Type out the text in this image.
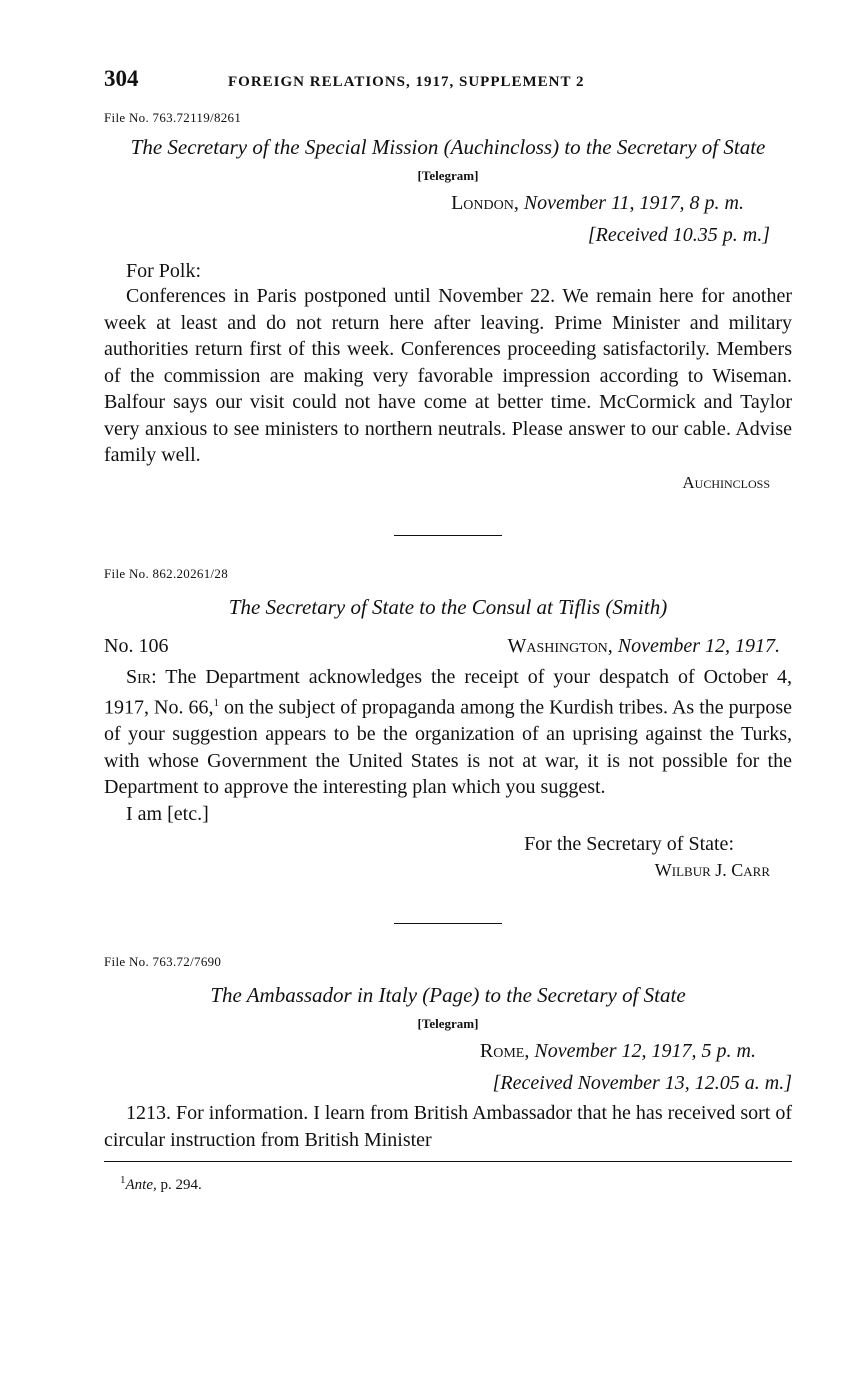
304	FOREIGN RELATIONS, 1917, SUPPLEMENT 2
File No. 763.72119/8261
The Secretary of the Special Mission (Auchincloss) to the Secretary of State
[Telegram]
London, November 11, 1917, 8 p. m.
[Received 10.35 p. m.]
For Polk:

Conferences in Paris postponed until November 22. We remain here for another week at least and do not return here after leaving. Prime Minister and military authorities return first of this week. Conferences proceeding satisfactorily. Members of the commission are making very favorable impression according to Wiseman. Balfour says our visit could not have come at better time. McCormick and Taylor very anxious to see ministers to northern neutrals. Please answer to our cable. Advise family well.

Auchincloss
File No. 862.20261/28
The Secretary of State to the Consul at Tiflis (Smith)
No. 106	Washington, November 12, 1917.

Sir: The Department acknowledges the receipt of your despatch of October 4, 1917, No. 66,$^1$ on the subject of propaganda among the Kurdish tribes. As the purpose of your suggestion appears to be the organization of an uprising against the Turks, with whose Government the United States is not at war, it is not possible for the Department to approve the interesting plan which you suggest.

I am [etc.]

For the Secretary of State:
Wilbur J. Carr
File No. 763.72/7690
The Ambassador in Italy (Page) to the Secretary of State
[Telegram]
Rome, November 12, 1917, 5 p. m.
[Received November 13, 12.05 a. m.]

1213. For information. I learn from British Ambassador that he has received sort of circular instruction from British Minister

$^1$Ante, p. 294.
